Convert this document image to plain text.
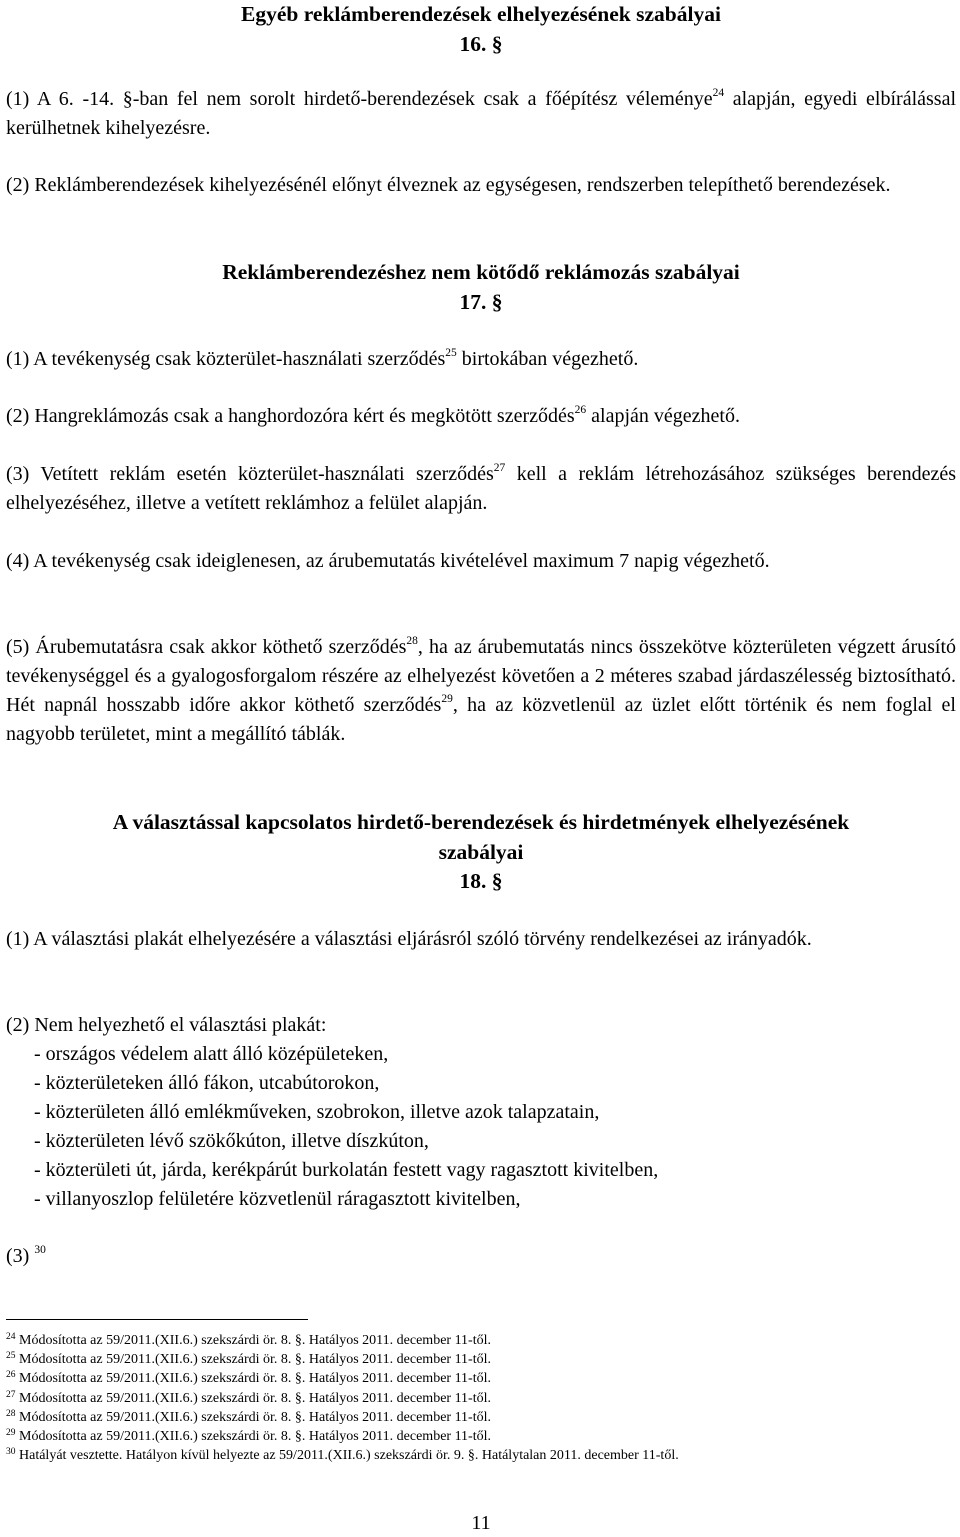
Egyéb reklámberendezések elhelyezésének szabályai
16. §
(1) A 6. -14. §-ban fel nem sorolt hirdető-berendezések csak a főépítész véleménye$^{24}$ alapján, egyedi elbírálással kerülhetnek kihelyezésre.
(2) Reklámberendezések kihelyezésénél előnyt élveznek az egységesen, rendszerben telepíthető berendezések.
Reklámberendezéshez nem kötődő reklámozás szabályai
17. §
(1) A tevékenység csak közterület-használati szerződés$^{25}$ birtokában végezhető.
(2) Hangreklámozás csak a hanghordozóra kért és megkötött szerződés$^{26}$ alapján végezhető.
(3) Vetített reklám esetén közterület-használati szerződés$^{27}$ kell a reklám létrehozásához szükséges berendezés elhelyezéséhez, illetve a vetített reklámhoz a felület alapján.
(4) A tevékenység csak ideiglenesen, az árubemutatás kivételével maximum 7 napig végezhető.
(5) Árubemutatásra csak akkor köthető szerződés$^{28}$, ha az árubemutatás nincs összekötve közterületen végzett árusító tevékenységgel és a gyalogosforgalom részére az elhelyezést követően a 2 méteres szabad járdaszélesség biztosítható. Hét napnál hosszabb időre akkor köthető szerződés$^{29}$, ha az közvetlenül az üzlet előtt történik és nem foglal el nagyobb területet, mint a megállító táblák.
A választással kapcsolatos hirdető-berendezések és hirdetmények elhelyezésének
szabályai
18. §
(1) A választási plakát elhelyezésére a választási eljárásról szóló törvény rendelkezései az irányadók.
(2) Nem helyezhető el választási plakát:
- országos védelem alatt álló középületeken,
- közterületeken álló fákon, utcabútorokon,
- közterületen álló emlékműveken, szobrokon, illetve azok talapzatain,
- közterületen lévő szökőkúton, illetve díszkúton,
- közterületi út, járda, kerékpárút burkolatán festett vagy ragasztott kivitelben,
- villanyoszlop felületére közvetlenül ráragasztott kivitelben,
(3) $^{30}$
$^{24}$ Módosította az 59/2011.(XII.6.) szekszárdi ör. 8. §. Hatályos 2011. december 11-től.
$^{25}$ Módosította az 59/2011.(XII.6.) szekszárdi ör. 8. §. Hatályos 2011. december 11-től.
$^{26}$ Módosította az 59/2011.(XII.6.) szekszárdi ör. 8. §. Hatályos 2011. december 11-től.
$^{27}$ Módosította az 59/2011.(XII.6.) szekszárdi ör. 8. §. Hatályos 2011. december 11-től.
$^{28}$ Módosította az 59/2011.(XII.6.) szekszárdi ör. 8. §. Hatályos 2011. december 11-től.
$^{29}$ Módosította az 59/2011.(XII.6.) szekszárdi ör. 8. §. Hatályos 2011. december 11-től.
$^{30}$ Hatályát vesztette. Hatályon kívül helyezte az 59/2011.(XII.6.) szekszárdi ör. 9. §. Hatálytalan 2011. december 11-től.
11
